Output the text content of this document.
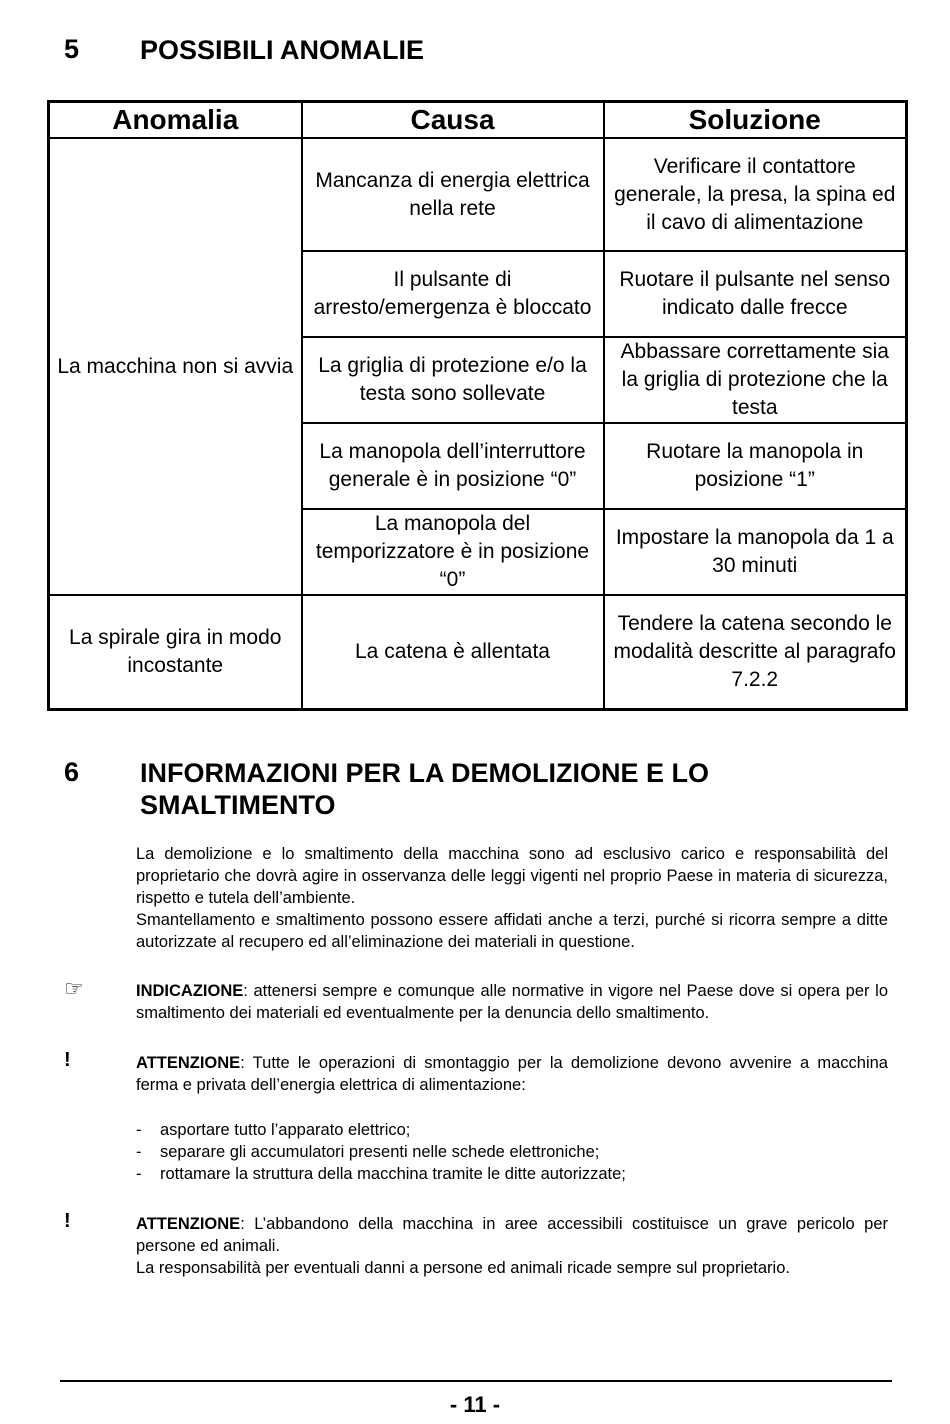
5 POSSIBILI ANOMALIE
Anomalia	Causa	Soluzione
La macchina non si avvia	Mancanza di energia elettrica nella rete	Verificare il contattore generale, la presa, la spina ed il cavo di alimentazione
	Il pulsante di arresto/emergenza è bloccato	Ruotare il pulsante nel senso indicato dalle frecce
	La griglia di protezione e/o la testa sono sollevate	Abbassare correttamente sia la griglia di protezione che la testa
	La manopola dell’interruttore generale è in posizione “0”	Ruotare la manopola in posizione “1”
	La manopola del temporizzatore è in posizione “0”	Impostare la manopola da 1 a 30 minuti
La spirale gira in modo incostante	La catena è allentata	Tendere la catena secondo le modalità descritte al paragrafo 7.2.2
6 INFORMAZIONI PER LA DEMOLIZIONE E LO
SMALTIMENTO
La demolizione e lo smaltimento della macchina sono ad esclusivo carico e responsabilità del proprietario che dovrà agire in osservanza delle leggi vigenti nel proprio Paese in materia di sicurezza, rispetto e tutela dell’ambiente.
Smantellamento e smaltimento possono essere affidati anche a terzi, purché si ricorra sempre a ditte autorizzate al recupero ed all’eliminazione dei materiali in questione.
☞	INDICAZIONE: attenersi sempre e comunque alle normative in vigore nel Paese dove si opera per lo smaltimento dei materiali ed eventualmente per la denuncia dello smaltimento.
!	ATTENZIONE: Tutte le operazioni di smontaggio per la demolizione devono avvenire a macchina ferma e privata dell’energia elettrica di alimentazione:
- asportare tutto l’apparato elettrico;
- separare gli accumulatori presenti nelle schede elettroniche;
- rottamare la struttura della macchina tramite le ditte autorizzate;
!	ATTENZIONE: L’abbandono della macchina in aree accessibili costituisce un grave pericolo per persone ed animali.
La responsabilità per eventuali danni a persone ed animali ricade sempre sul proprietario.
- 11 -
